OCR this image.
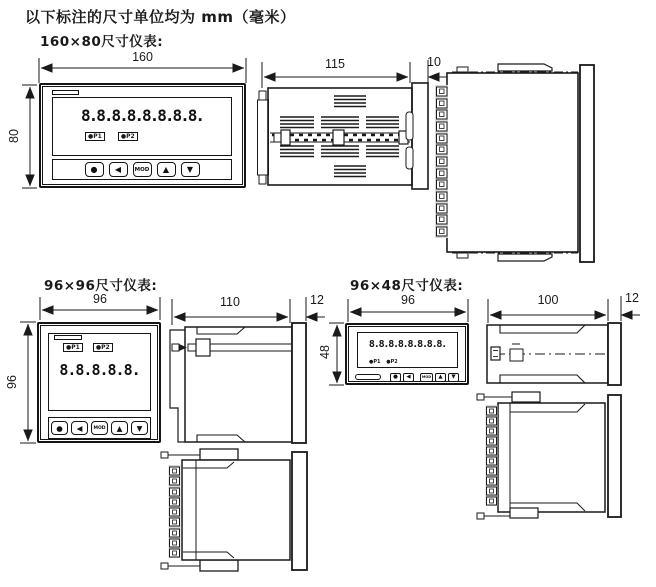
以下标注的尺寸单位均为 mm（毫米）
160×80尺寸仪表:
96×96尺寸仪表:	96×48尺寸仪表:
160
80
115	10
96
96
110	12	96
48
100	12
8.8.8.8.8.8.8.8.
●P1	●P2
●	◀	MOD	▲	▼
●P1	●P2
8.8.8.8.8.
●	◀	MOD	▲	▼
8.8.8.8.8.8.8.8.
●P1 ●P2
●	◀	MOD	▲	▼
